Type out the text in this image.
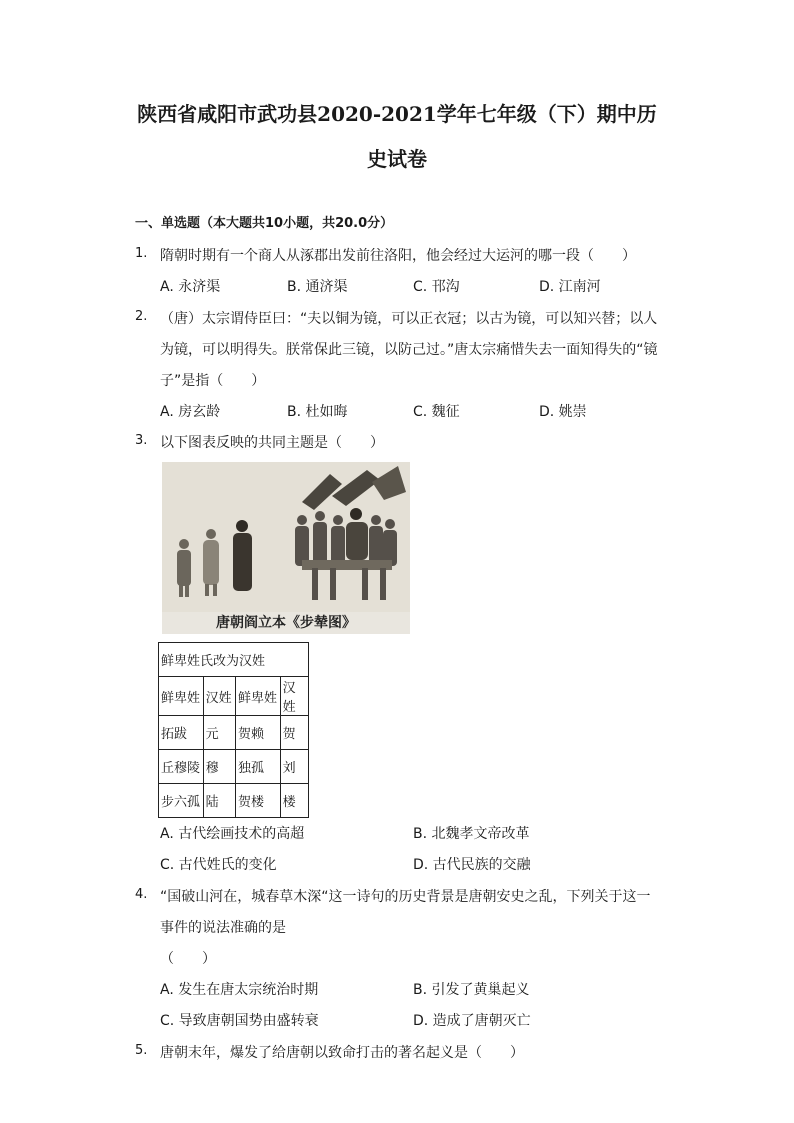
陕西省咸阳市武功县2020-2021学年七年级（下）期中历
史试卷
一、单选题（本大题共10小题，共20.0分）
1. 隋朝时期有一个商人从涿郡出发前往洛阳，他会经过大运河的哪一段（　　）
A. 永济渠	B. 通济渠	C. 邗沟	D. 江南河
2. （唐）太宗谓侍臣曰：“夫以铜为镜，可以正衣冠；以古为镜，可以知兴替；以人
为镜，可以明得失。朕常保此三镜，以防己过。”唐太宗痛惜失去一面知得失的“镜
子”是指（　　）
A. 房玄龄	B. 杜如晦	C. 魏征	D. 姚崇
3. 以下图表反映的共同主题是（　　）
唐朝阎立本《步辇图》
鲜卑姓氏改为汉姓			
鲜卑姓	汉姓	鲜卑姓	汉姓
拓跋	元	贺赖	贺
丘穆陵	穆	独孤	刘
步六孤	陆	贺楼	楼
A. 古代绘画技术的高超	B. 北魏孝文帝改革
C. 古代姓氏的变化	D. 古代民族的交融
4. “国破山河在，城春草木深“这一诗句的历史背景是唐朝安史之乱，下列关于这一
事件的说法准确的是
（　　）
A. 发生在唐太宗统治时期	B. 引发了黄巢起义
C. 导致唐朝国势由盛转衰	D. 造成了唐朝灭亡
5. 唐朝末年，爆发了给唐朝以致命打击的著名起义是（　　）
